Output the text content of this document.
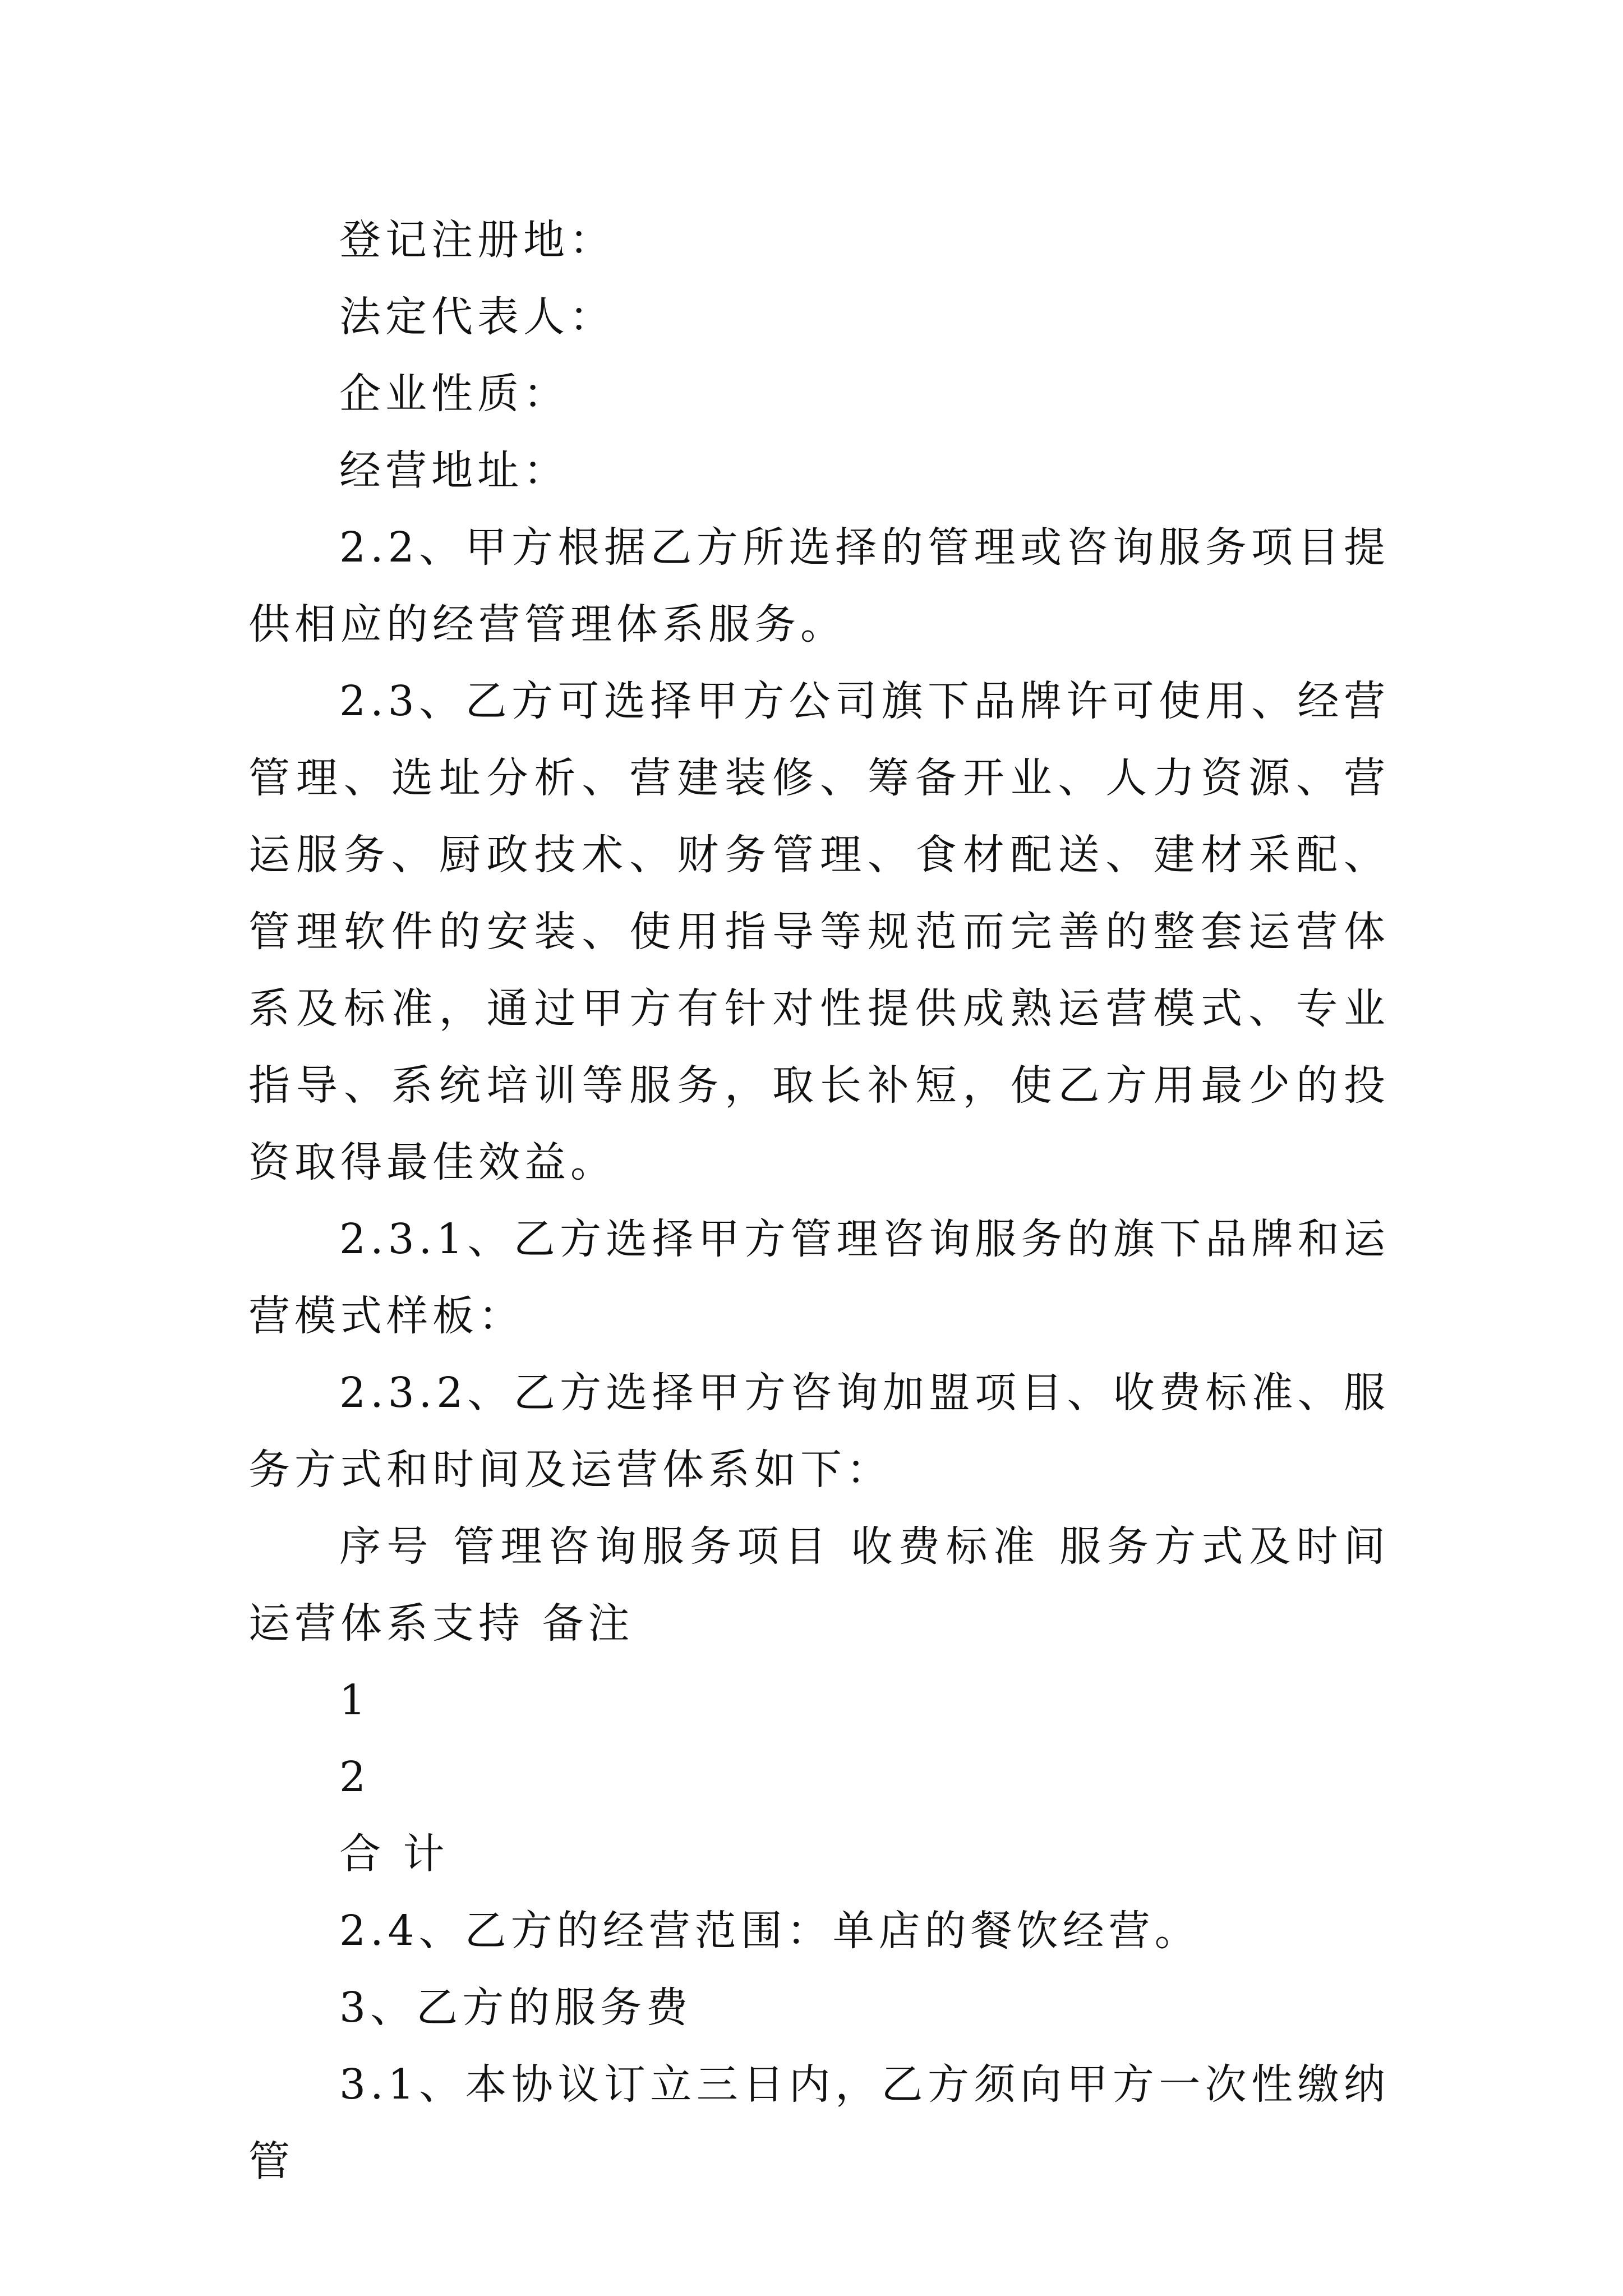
登记注册地：

法定代表人：

企业性质：

经营地址：

2.2、甲方根据乙方所选择的管理或咨询服务项目提供相应的经营管理体系服务。

2.3、乙方可选择甲方公司旗下品牌许可使用、经营管理、选址分析、营建装修、筹备开业、人力资源、营运服务、厨政技术、财务管理、食材配送、建材采配、管理软件的安装、使用指导等规范而完善的整套运营体系及标准，通过甲方有针对性提供成熟运营模式、专业指导、系统培训等服务，取长补短，使乙方用最少的投资取得最佳效益。

2.3.1、乙方选择甲方管理咨询服务的旗下品牌和运营模式样板：

2.3.2、乙方选择甲方咨询加盟项目、收费标准、服务方式和时间及运营体系如下：

序号 管理咨询服务项目 收费标准 服务方式及时间运营体系支持 备注

1

2

合 计

2.4、乙方的经营范围：单店的餐饮经营。

3、乙方的服务费

3.1、本协议订立三日内，乙方须向甲方一次性缴纳管
